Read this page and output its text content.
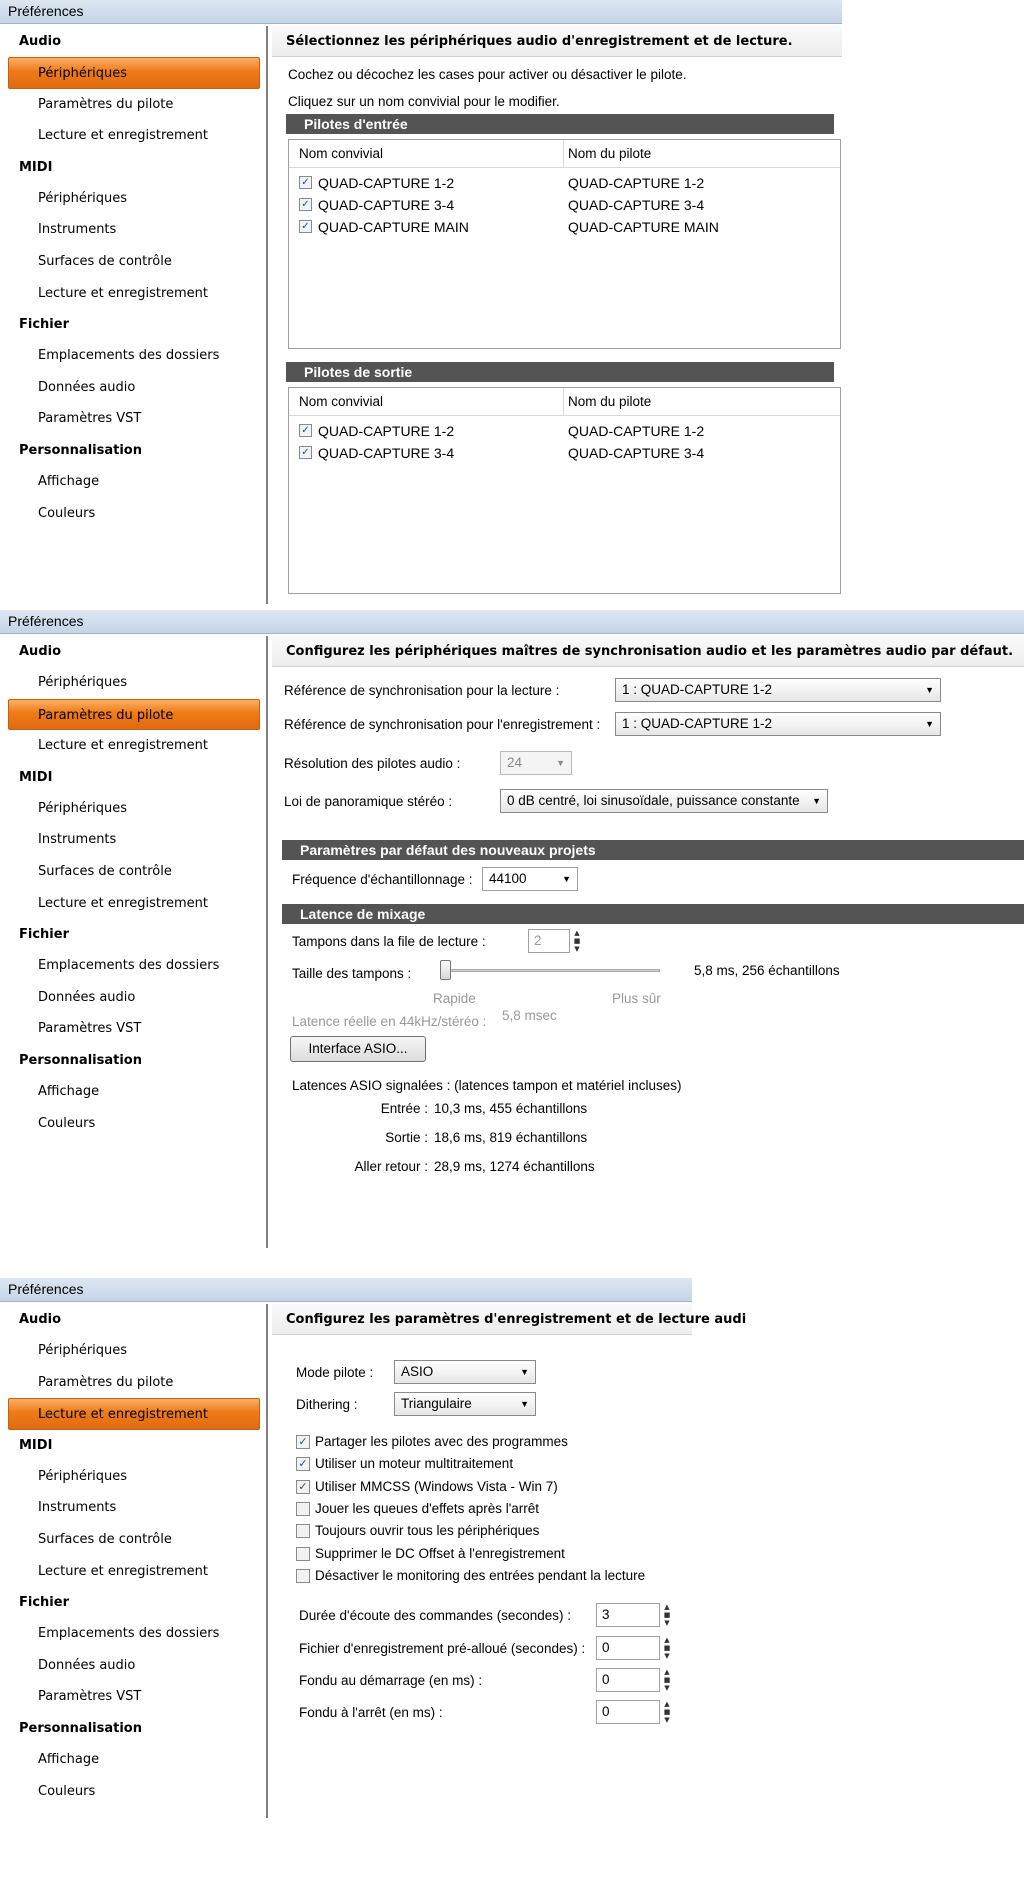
Préférences
Audio
Périphériques
Paramètres du pilote
Lecture et enregistrement
MIDI
Périphériques
Instruments
Surfaces de contrôle
Lecture et enregistrement
Fichier
Emplacements des dossiers
Données audio
Paramètres VST
Personnalisation
Affichage
Couleurs
Sélectionnez les périphériques audio d'enregistrement et de lecture.
Cochez ou décochez les cases pour activer ou désactiver le pilote.
Cliquez sur un nom convivial pour le modifier.
Pilotes d'entrée
Nom convivial	Nom du pilote
✓ QUAD-CAPTURE 1-2	QUAD-CAPTURE 1-2
✓ QUAD-CAPTURE 3-4	QUAD-CAPTURE 3-4
✓ QUAD-CAPTURE MAIN	QUAD-CAPTURE MAIN
Pilotes de sortie
Nom convivial	Nom du pilote
✓ QUAD-CAPTURE 1-2	QUAD-CAPTURE 1-2
✓ QUAD-CAPTURE 3-4	QUAD-CAPTURE 3-4
Préférences
Audio
Périphériques
Paramètres du pilote
Lecture et enregistrement
MIDI
Périphériques
Instruments
Surfaces de contrôle
Lecture et enregistrement
Fichier
Emplacements des dossiers
Données audio
Paramètres VST
Personnalisation
Affichage
Couleurs
Configurez les périphériques maîtres de synchronisation audio et les paramètres audio par défaut.
Référence de synchronisation pour la lecture :	1 : QUAD-CAPTURE 1-2	▼
Référence de synchronisation pour l'enregistrement :	1 : QUAD-CAPTURE 1-2	▼
Résolution des pilotes audio :	24	▼
Loi de panoramique stéréo :	0 dB centré, loi sinusoïdale, puissance constante ▼
Paramètres par défaut des nouveaux projets
Fréquence d'échantillonnage :	44100	▼
Latence de mixage
Tampons dans la file de lecture :	2	▲
■
▼
Taille des tampons :	5,8 ms, 256 échantillons
Rapide	Plus sûr
Latence réelle en 44kHz/stéréo : 5,8 msec
Interface ASIO...
Latences ASIO signalées : (latences tampon et matériel incluses)
Entrée : 10,3 ms, 455 échantillons
Sortie : 18,6 ms, 819 échantillons
Aller retour : 28,9 ms, 1274 échantillons
Préférences
Audio
Périphériques
Paramètres du pilote
Lecture et enregistrement
MIDI
Périphériques
Instruments
Surfaces de contrôle
Lecture et enregistrement
Fichier
Emplacements des dossiers
Données audio
Paramètres VST
Personnalisation
Affichage
Couleurs
Configurez les paramètres d'enregistrement et de lecture audi
Mode pilote :	ASIO	▼
Dithering :	Triangulaire	▼
✓ Partager les pilotes avec des programmes
✓ Utiliser un moteur multitraitement
✓ Utiliser MMCSS (Windows Vista - Win 7)
Jouer les queues d'effets après l'arrêt
Toujours ouvrir tous les périphériques
Supprimer le DC Offset à l'enregistrement
Désactiver le monitoring des entrées pendant la lecture
Durée d'écoute des commandes (secondes) :	3	▲
■
▼
Fichier d'enregistrement pré-alloué (secondes) :	0	▲
■
▼
Fondu au démarrage (en ms) :	0	▲
■
▼
Fondu à l'arrêt (en ms) :	0	▲
■
▼
